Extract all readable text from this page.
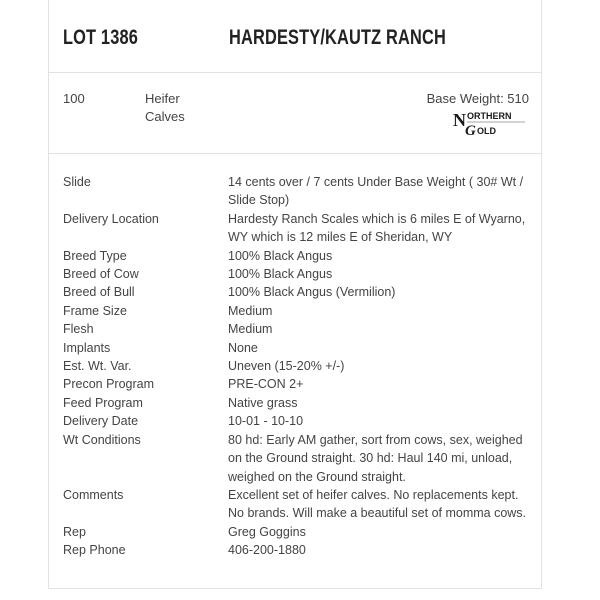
LOT 1386	HARDESTY/KAUTZ RANCH
100	Heifer Calves
Base Weight: 510
N ORTHERN
G OLD
Slide	14 cents over / 7 cents Under Base Weight ( 30# Wt / Slide Stop)
Delivery Location	Hardesty Ranch Scales which is 6 miles E of Wyarno, WY which is 12 miles E of Sheridan, WY
Breed Type	100% Black Angus
Breed of Cow	100% Black Angus
Breed of Bull	100% Black Angus (Vermilion)
Frame Size	Medium
Flesh	Medium
Implants	None
Est. Wt. Var.	Uneven (15-20% +/-)
Precon Program	PRE-CON 2+
Feed Program	Native grass
Delivery Date	10-01 - 10-10
Wt Conditions	80 hd: Early AM gather, sort from cows, sex, weighed on the Ground straight. 30 hd: Haul 140 mi, unload, weighed on the Ground straight.
Comments	Excellent set of heifer calves. No replacements kept. No brands. Will make a beautiful set of momma cows.
Rep	Greg Goggins
Rep Phone	406-200-1880
